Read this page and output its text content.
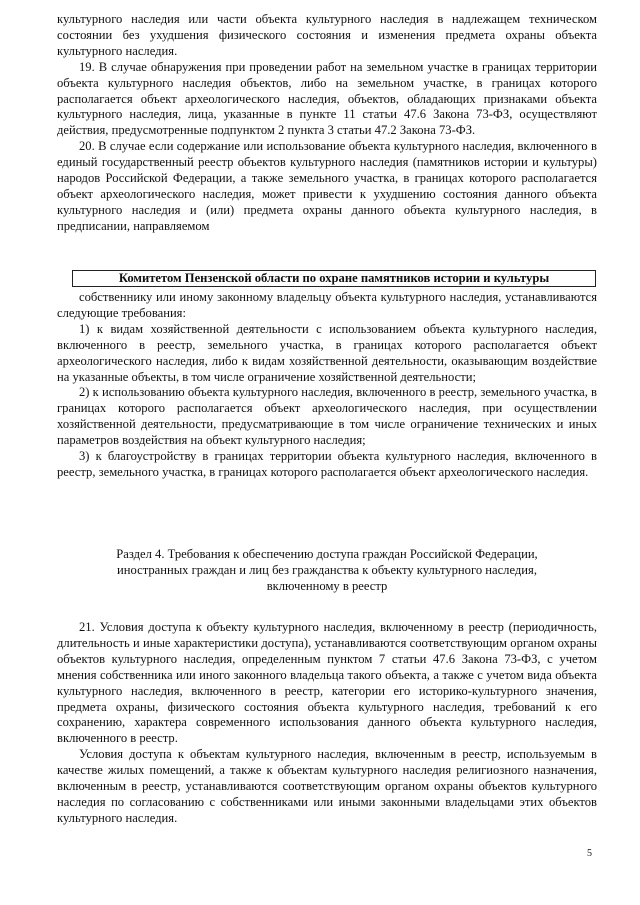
культурного наследия или части объекта культурного наследия в надлежащем техническом состоянии без ухудшения физического состояния и изменения предмета охраны объекта культурного наследия.

19. В случае обнаружения при проведении работ на земельном участке в границах территории объекта культурного наследия объектов, либо на земельном участке, в границах которого располагается объект археологического наследия, объектов, обладающих признаками объекта культурного наследия, лица, указанные в пункте 11 статьи 47.6 Закона 73-ФЗ, осуществляют действия, предусмотренные подпунктом 2 пункта 3 статьи 47.2 Закона 73-ФЗ.

20. В случае если содержание или использование объекта культурного наследия, включенного в единый государственный реестр объектов культурного наследия (памятников истории и культуры) народов Российской Федерации, а также земельного участка, в границах которого располагается объект археологического наследия, может привести к ухудшению состояния данного объекта культурного наследия и (или) предмета охраны данного объекта культурного наследия, в предписании, направляемом

Комитетом Пензенской области по охране памятников истории и культуры

собственнику или иному законному владельцу объекта культурного наследия, устанавливаются следующие требования:

1) к видам хозяйственной деятельности с использованием объекта культурного наследия, включенного в реестр, земельного участка, в границах которого располагается объект археологического наследия, либо к видам хозяйственной деятельности, оказывающим воздействие на указанные объекты, в том числе ограничение хозяйственной деятельности;

2) к использованию объекта культурного наследия, включенного в реестр, земельного участка, в границах которого располагается объект археологического наследия, при осуществлении хозяйственной деятельности, предусматривающие в том числе ограничение технических и иных параметров воздействия на объект культурного наследия;

3) к благоустройству в границах территории объекта культурного наследия, включенного в реестр, земельного участка, в границах которого располагается объект археологического наследия.

Раздел 4. Требования к обеспечению доступа граждан Российской Федерации,
иностранных граждан и лиц без гражданства к объекту культурного наследия,
включенному в реестр

21. Условия доступа к объекту культурного наследия, включенному в реестр (периодичность, длительность и иные характеристики доступа), устанавливаются соответствующим органом охраны объектов культурного наследия, определенным пунктом 7 статьи 47.6 Закона 73-ФЗ, с учетом мнения собственника или иного законного владельца такого объекта, а также с учетом вида объекта культурного наследия, включенного в реестр, категории его историко-культурного значения, предмета охраны, физического состояния объекта культурного наследия, требований к его сохранению, характера современного использования данного объекта культурного наследия, включенного в реестр.

Условия доступа к объектам культурного наследия, включенным в реестр, используемым в качестве жилых помещений, а также к объектам культурного наследия религиозного назначения, включенным в реестр, устанавливаются соответствующим органом охраны объектов культурного наследия по согласованию с собственниками или иными законными владельцами этих объектов культурного наследия.

5
